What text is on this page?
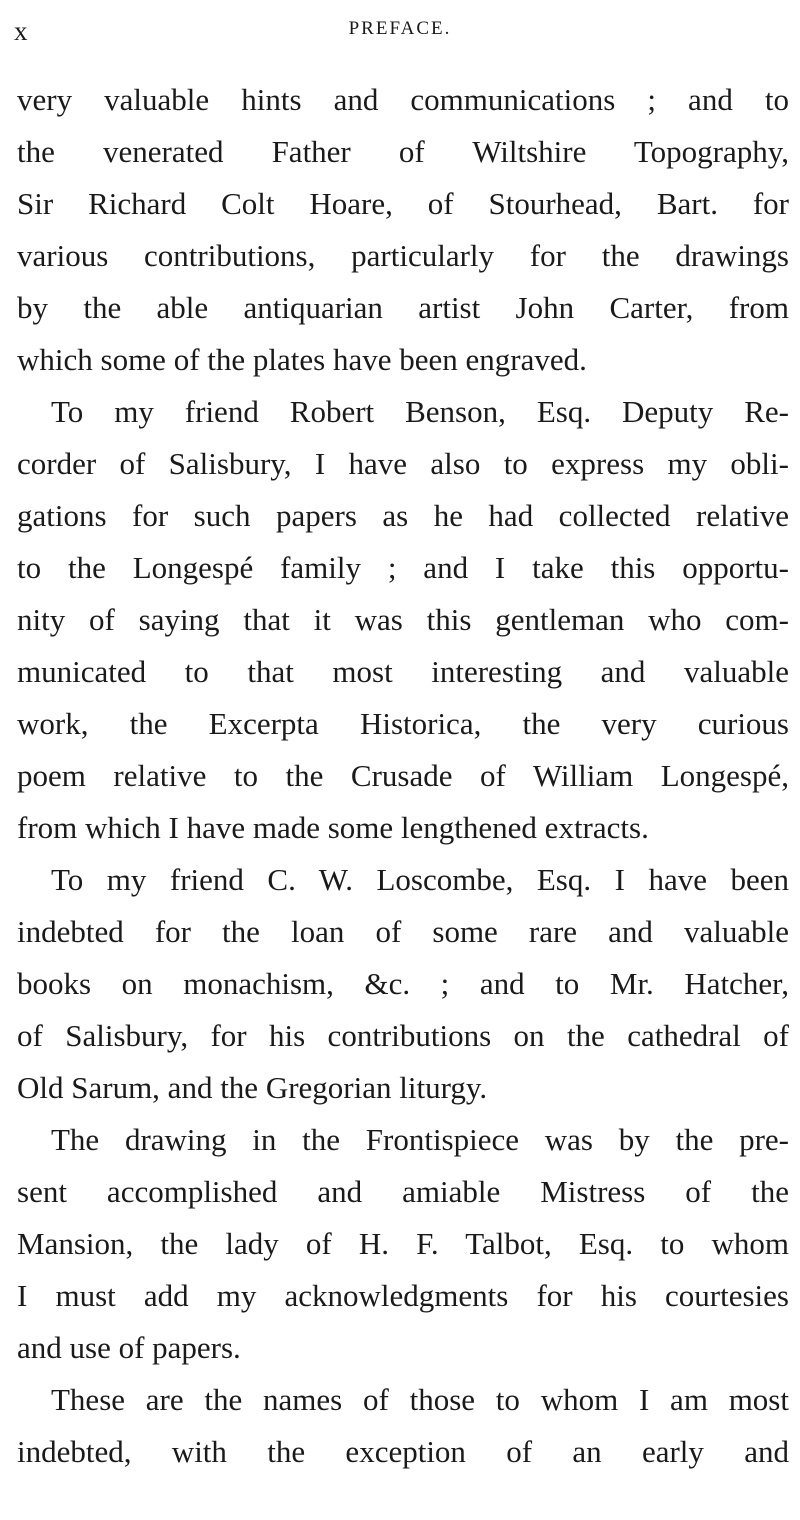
x	PREFACE.
very valuable hints and communications ; and to
the venerated Father of Wiltshire Topography,
Sir Richard Colt Hoare, of Stourhead, Bart. for
various contributions, particularly for the drawings
by the able antiquarian artist John Carter, from
which some of the plates have been engraved.
To my friend Robert Benson, Esq. Deputy Re-
corder of Salisbury, I have also to express my obli-
gations for such papers as he had collected relative
to the Longespé family ; and I take this opportu-
nity of saying that it was this gentleman who com-
municated to that most interesting and valuable
work, the Excerpta Historica, the very curious
poem relative to the Crusade of William Longespé,
from which I have made some lengthened extracts.
To my friend C. W. Loscombe, Esq. I have been
indebted for the loan of some rare and valuable
books on monachism, &c. ; and to Mr. Hatcher,
of Salisbury, for his contributions on the cathedral of
Old Sarum, and the Gregorian liturgy.
The drawing in the Frontispiece was by the pre-
sent accomplished and amiable Mistress of the
Mansion, the lady of H. F. Talbot, Esq. to whom
I must add my acknowledgments for his courtesies
and use of papers.
These are the names of those to whom I am most
indebted, with the exception of an early and
